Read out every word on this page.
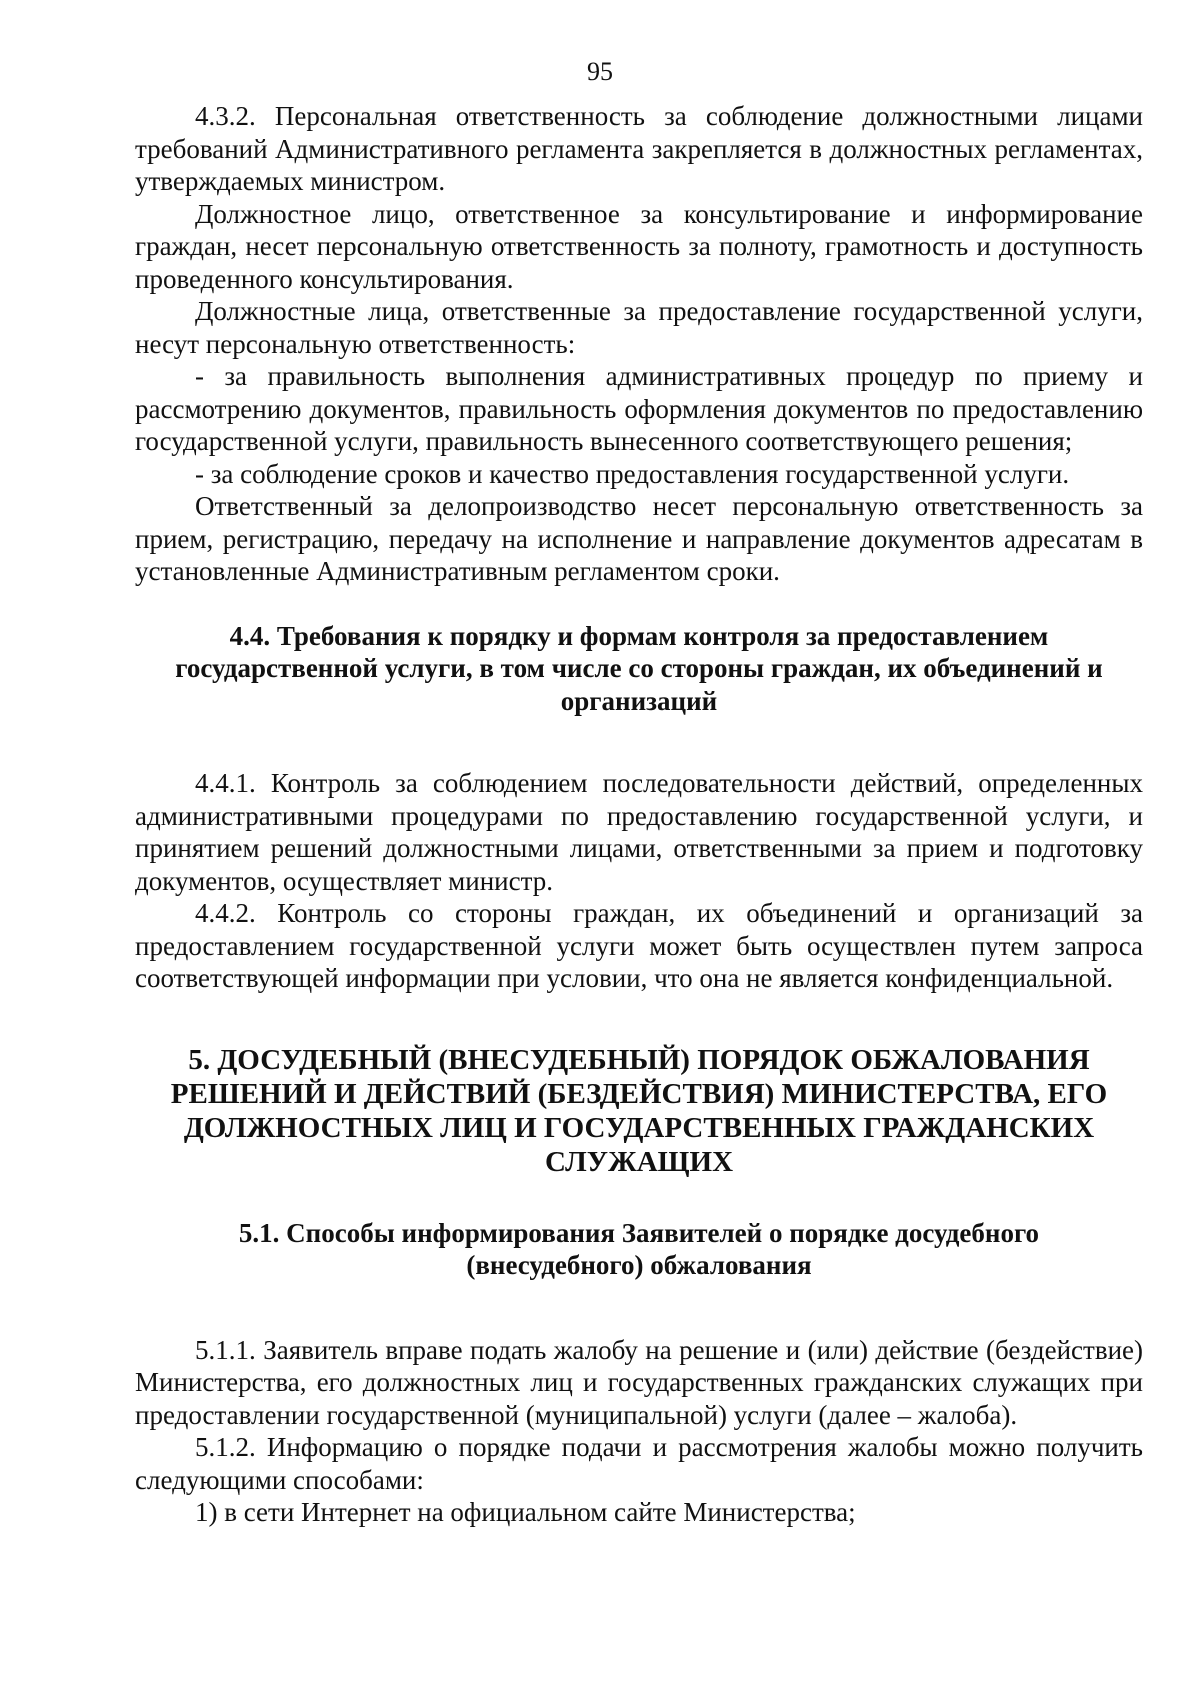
95

4.3.2. Персональная ответственность за соблюдение должностными лицами требований Административного регламента закрепляется в должностных регламентах, утверждаемых министром.

Должностное лицо, ответственное за консультирование и информирование граждан, несет персональную ответственность за полноту, грамотность и доступность проведенного консультирования.

Должностные лица, ответственные за предоставление государственной услуги, несут персональную ответственность:

- за правильность выполнения административных процедур по приему и рассмотрению документов, правильность оформления документов по предоставлению государственной услуги, правильность вынесенного соответствующего решения;

- за соблюдение сроков и качество предоставления государственной услуги.

Ответственный за делопроизводство несет персональную ответственность за прием, регистрацию, передачу на исполнение и направление документов адресатам в установленные Административным регламентом сроки.

4.4. Требования к порядку и формам контроля за предоставлением государственной услуги, в том числе со стороны граждан, их объединений и организаций

4.4.1. Контроль за соблюдением последовательности действий, определенных административными процедурами по предоставлению государственной услуги, и принятием решений должностными лицами, ответственными за прием и подготовку документов, осуществляет министр.

4.4.2. Контроль со стороны граждан, их объединений и организаций за предоставлением государственной услуги может быть осуществлен путем запроса соответствующей информации при условии, что она не является конфиденциальной.

5. ДОСУДЕБНЫЙ (ВНЕСУДЕБНЫЙ) ПОРЯДОК ОБЖАЛОВАНИЯ РЕШЕНИЙ И ДЕЙСТВИЙ (БЕЗДЕЙСТВИЯ) МИНИСТЕРСТВА, ЕГО ДОЛЖНОСТНЫХ ЛИЦ И ГОСУДАРСТВЕННЫХ ГРАЖДАНСКИХ СЛУЖАЩИХ
5.1. Способы информирования Заявителей о порядке досудебного (внесудебного) обжалования

5.1.1. Заявитель вправе подать жалобу на решение и (или) действие (бездействие) Министерства, его должностных лиц и государственных гражданских служащих при предоставлении государственной (муниципальной) услуги (далее – жалоба).

5.1.2. Информацию о порядке подачи и рассмотрения жалобы можно получить следующими способами:

1) в сети Интернет на официальном сайте Министерства;
